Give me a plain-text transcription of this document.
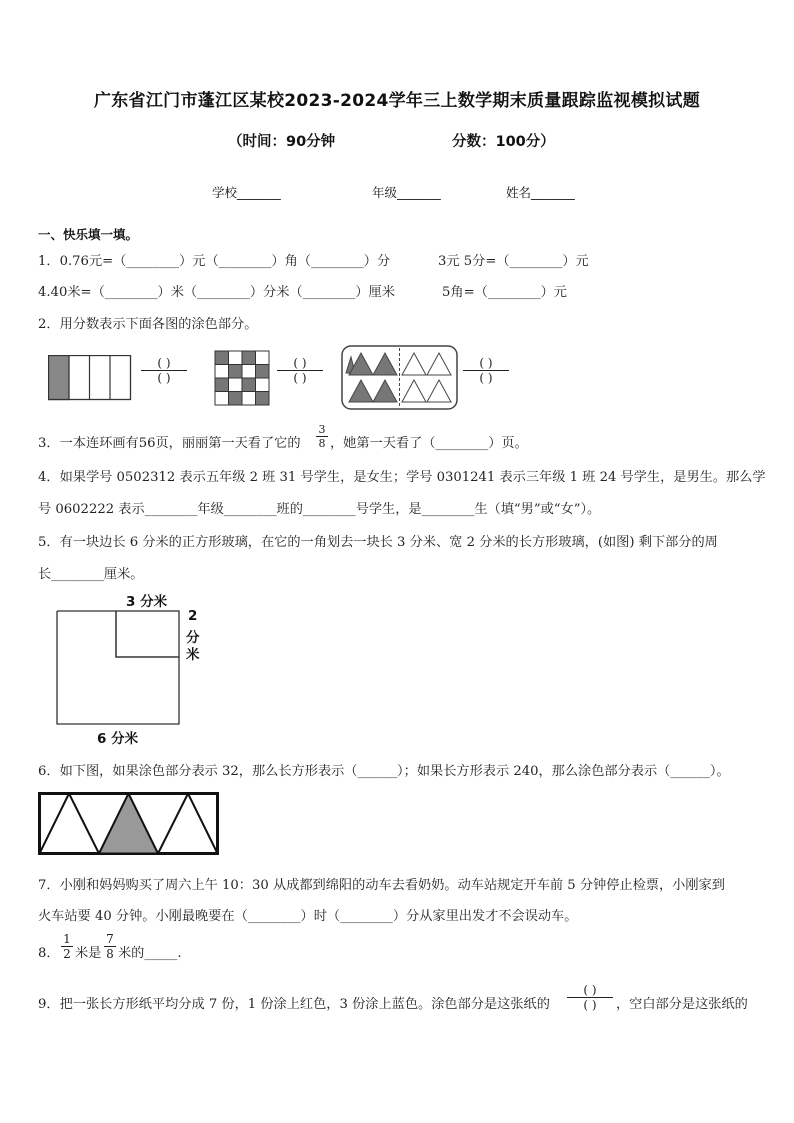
广东省江门市蓬江区某校2023-2024学年三上数学期末质量跟踪监视模拟试题
（时间：90分钟	分数：100分）
学校_______	年级_______	姓名_______
一、快乐填一填。
1．0.76元=（________）元（________）角（________）分	3元 5分=（________）元
4.40米=（________）米（________）分米（________）厘米	5角=（________）元
2．用分数表示下面各图的涂色部分。
( )
( )
( )
( )
( )
( )
3．一本连环画有56页，丽丽第一天看了它的
3
8 ，她第一天看了（________）页。
4．如果学号 0502312 表示五年级 2 班 31 号学生，是女生；学号 0301241 表示三年级 1 班 24 号学生，是男生。那么学
号 0602222 表示________年级________班的________号学生，是________生（填“男”或“女”）。
5．有一块边长 6 分米的正方形玻璃，在它的一角划去一块长 3 分米、宽 2 分米的长方形玻璃，(如图) 剩下部分的周
长________厘米。
3 分米
2
分
米
6 分米
6．如下图，如果涂色部分表示 32，那么长方形表示（______）；如果长方形表示 240，那么涂色部分表示（______）。
7．小刚和妈妈购买了周六上午 10：30 从成都到绵阳的动车去看奶奶。动车站规定开车前 5 分钟停止检票，小刚家到
火车站要 40 分钟。小刚最晚要在（________）时（________）分从家里出发才不会误动车。
8．
1
2 米是
7
8 米的_____.
9．把一张长方形纸平均分成 7 份，1 份涂上红色，3 份涂上蓝色。涂色部分是这张纸的
( )
( )	，空白部分是这张纸的
